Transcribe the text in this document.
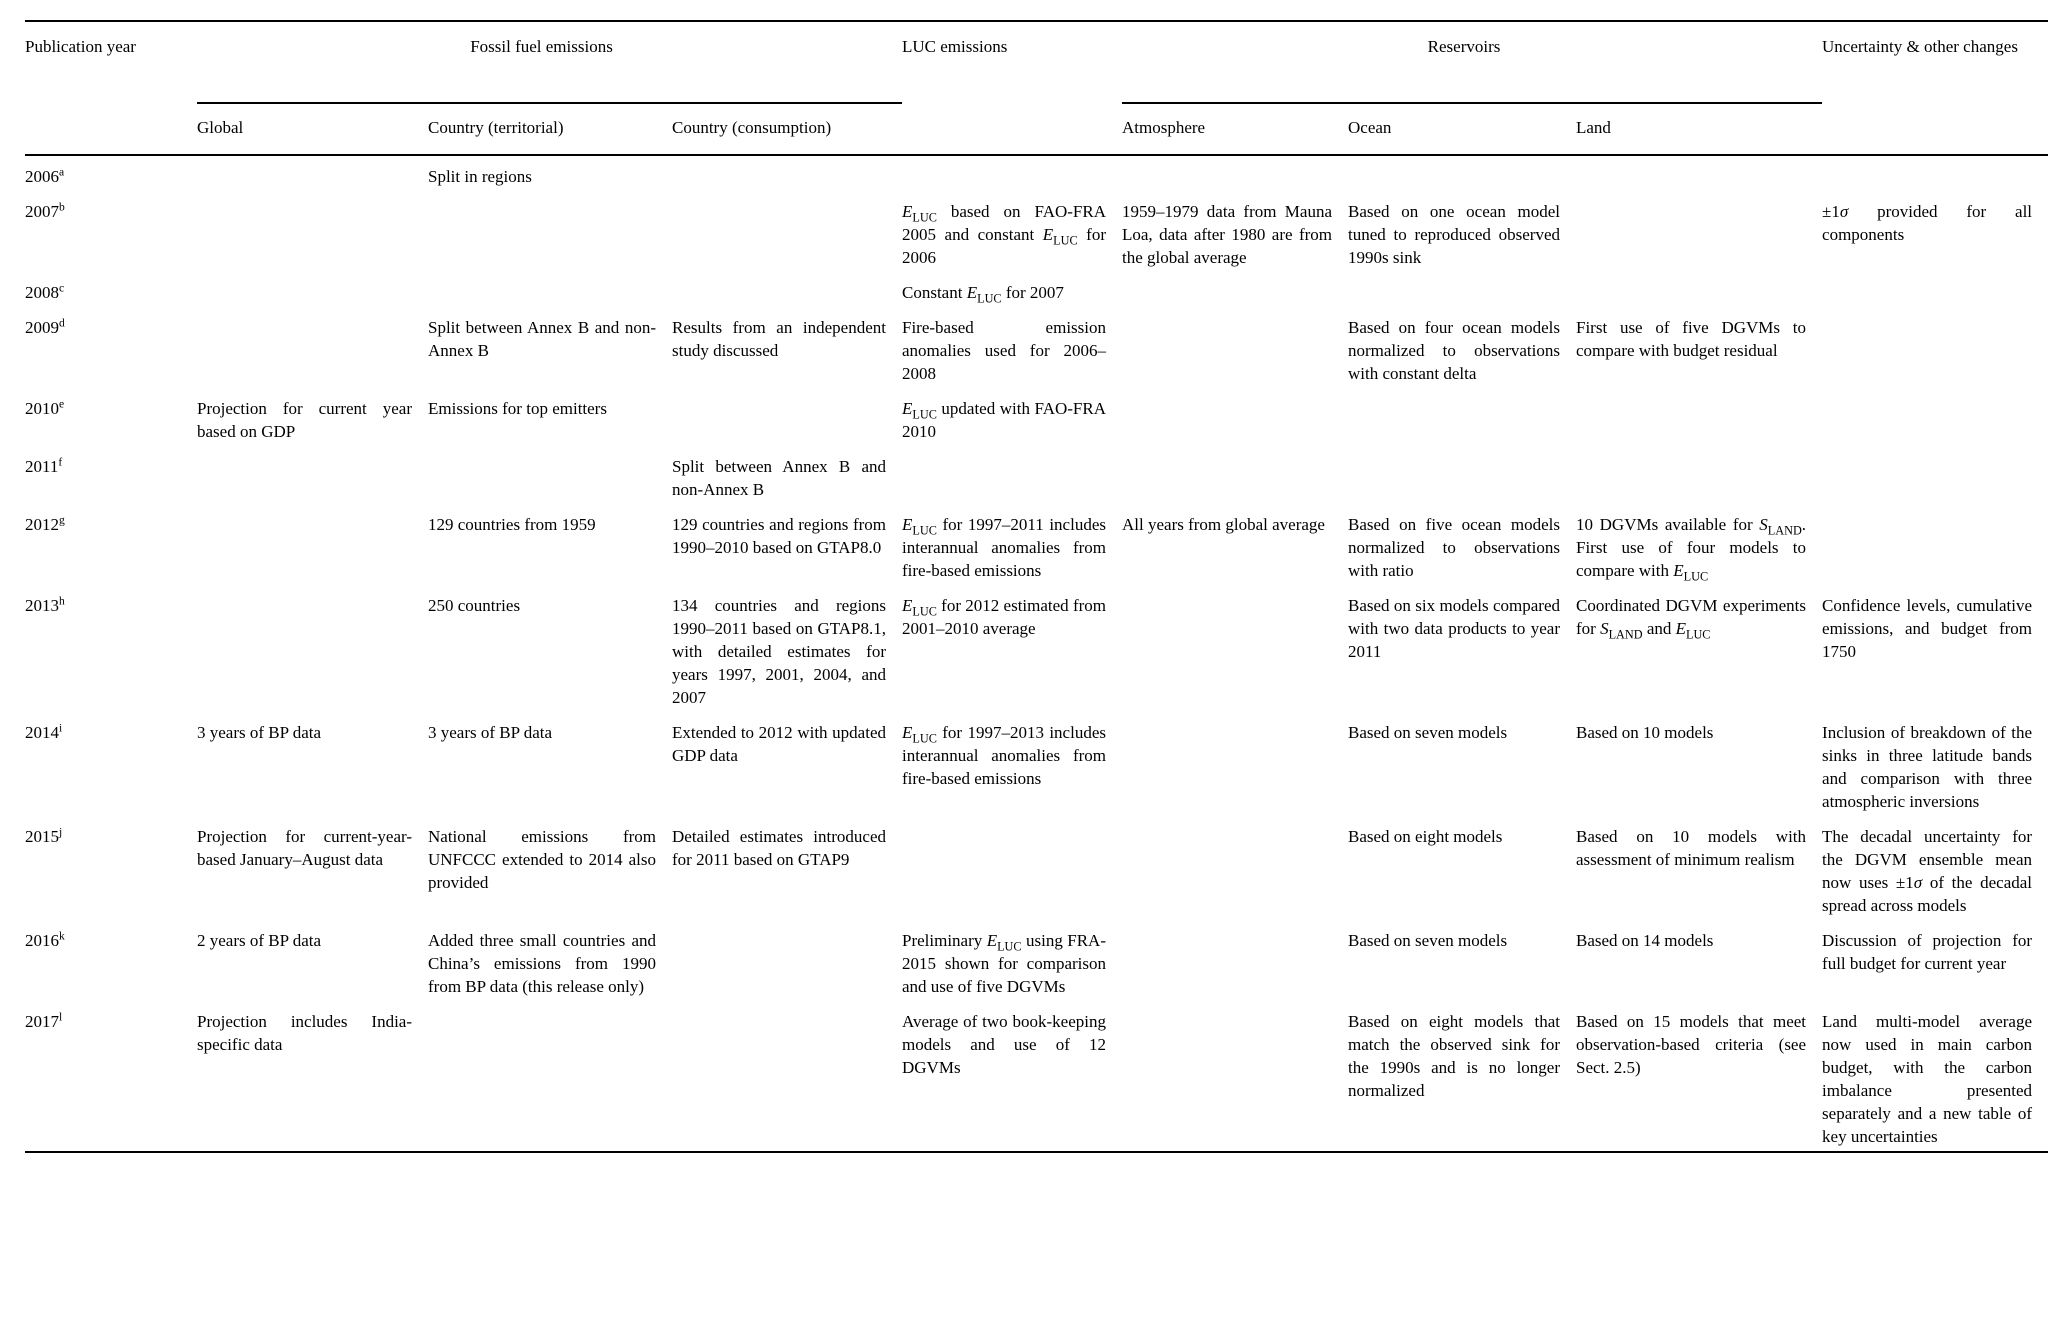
Publication year	Fossil fuel emissions			LUC emissions	Reservoirs			Uncertainty & other changes
	Global	Country (territorial)	Country (consumption)		Atmosphere	Ocean	Land	
2006$^a$		Split in regions						
2007$^b$				$E_{LUC}$ based on FAO-FRA 2005 and constant $E_{LUC}$ for 2006	1959–1979 data from Mauna Loa, data after 1980 are from the global average	Based on one ocean model tuned to reproduced observed 1990s sink		±1σ provided for all components
2008$^c$				Constant $E_{LUC}$ for 2007				
2009$^d$		Split between Annex B and non-Annex B	Results from an independent study discussed	Fire-based emission anomalies used for 2006–2008		Based on four ocean models normalized to observations with constant delta	First use of five DGVMs to compare with budget residual	
2010e	Projection for current year based on GDP	Emissions for top emitters		$E_{LUC}$ updated with FAO-FRA 2010				
2011$^f$			Split between Annex B and non-Annex B					
2012$^g$		129 countries from 1959	129 countries and regions from 1990–2010 based on GTAP8.0	$E_{LUC}$ for 1997–2011 includes interannual anomalies from fire-based emissions	All years from global average	Based on five ocean models normalized to observations with ratio	10 DGVMs available for $S_{LAND}$. First use of four models to compare with $E_{LUC}$	
2013$^h$		250 countries	134 countries and regions 1990–2011 based on GTAP8.1, with detailed estimates for years 1997, 2001, 2004, and 2007	$E_{LUC}$ for 2012 estimated from 2001–2010 average		Based on six models compared with two data products to year 2011	Coordinated DGVM experiments for $S_{LAND}$ and $E_{LUC}$	Confidence levels, cumulative emissions, and budget from 1750
2014$^i$	3 years of BP data	3 years of BP data	Extended to 2012 with updated GDP data	$E_{LUC}$ for 1997–2013 includes interannual anomalies from fire-based emissions		Based on seven models	Based on 10 models	Inclusion of breakdown of the sinks in three latitude bands and comparison with three atmospheric inversions
2015$^j$	Projection for current-year-based January–August data	National emissions from UNFCCC extended to 2014 also provided	Detailed estimates introduced for 2011 based on GTAP9			Based on eight models	Based on 10 models with assessment of minimum realism	The decadal uncertainty for the DGVM ensemble mean now uses ±1σ of the decadal spread across models
2016$^k$	2 years of BP data	Added three small countries and China’s emissions from 1990 from BP data (this release only)		Preliminary $E_{LUC}$ using FRA-2015 shown for comparison and use of five DGVMs		Based on seven models	Based on 14 models	Discussion of projection for full budget for current year
2017$^l$	Projection includes India-specific data			Average of two book-keeping models and use of 12 DGVMs		Based on eight models that match the observed sink for the 1990s and is no longer normalized	Based on 15 models that meet observation-based criteria (see Sect. 2.5)	Land multi-model average now used in main carbon budget, with the carbon imbalance presented separately and a new table of key uncertainties
